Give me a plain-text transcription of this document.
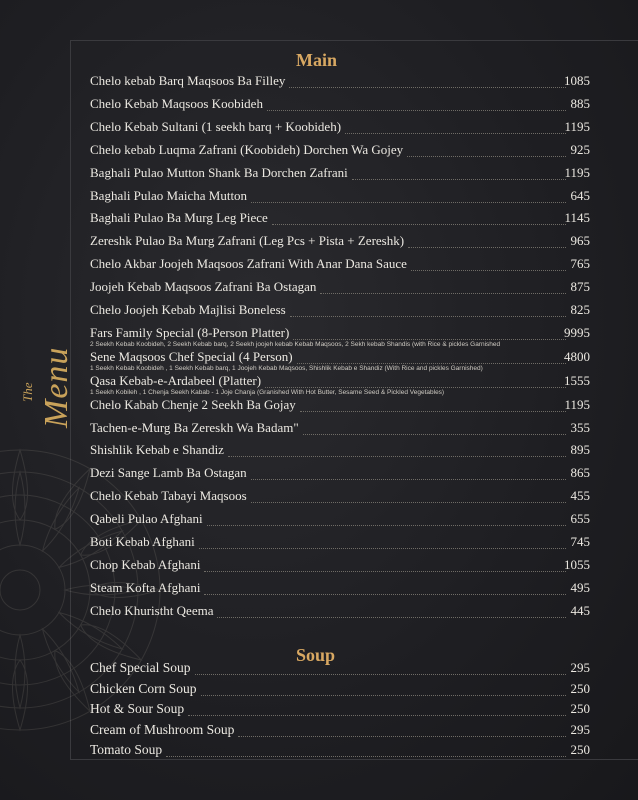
The Menu
Main
Chelo kebab Barq Maqsoos Ba Filley	1085
Chelo Kebab Maqsoos Koobideh	885
Chelo Kebab Sultani (1 seekh barq + Koobideh)	1195
Chelo kebab Luqma Zafrani (Koobideh) Dorchen Wa Gojey	925
Baghali Pulao Mutton Shank Ba Dorchen Zafrani	1195
Baghali Pulao Maicha Mutton	645
Baghali Pulao Ba Murg Leg Piece	1145
Zereshk Pulao Ba Murg Zafrani (Leg Pcs + Pista + Zereshk)	965
Chelo Akbar Joojeh Maqsoos Zafrani With Anar Dana Sauce	765
Joojeh Kebab Maqsoos Zafrani Ba Ostagan	875
Chelo Joojeh Kebab Majlisi Boneless	825
Fars Family Special (8-Person Platter)	9995
2 Seekh Kebab Koobideh, 2 Seekh Kebab barq, 2 Seekh joojeh kebab Kebab Maqsoos, 2 Sekh kebab Shandis (with Rice & pickles Garnished
Sene Maqsoos Chef Special (4 Person)	4800
1 Seekh Kebab Koobideh , 1 Seekh Kebab barq, 1 Joojeh Kebab Maqsoos, Shishlik Kebab e Shandiz (With Rice and pickles Garnished)
Qasa Kebab-e-Ardabeel (Platter)	1555
1 Seekh Kobileh , 1 Chenja Seekh Kabab - 1 Joje Chanja (Granished With Hot Butter, Sesame Seed & Pickled Vegetables)
Chelo Kabab Chenje 2 Seekh Ba Gojay	1195
Tachen-e-Murg Ba Zereskh Wa Badam"	355
Shishlik Kebab e Shandiz	895
Dezi Sange Lamb Ba Ostagan	865
Chelo Kebab Tabayi Maqsoos	455
Qabeli Pulao Afghani	655
Boti Kebab Afghani	745
Chop Kebab Afghani	1055
Steam Kofta Afghani	495
Chelo Khuristht Qeema	445
Soup
Chef Special Soup	295
Chicken Corn Soup	250
Hot & Sour Soup	250
Cream of Mushroom Soup	295
Tomato Soup	250
